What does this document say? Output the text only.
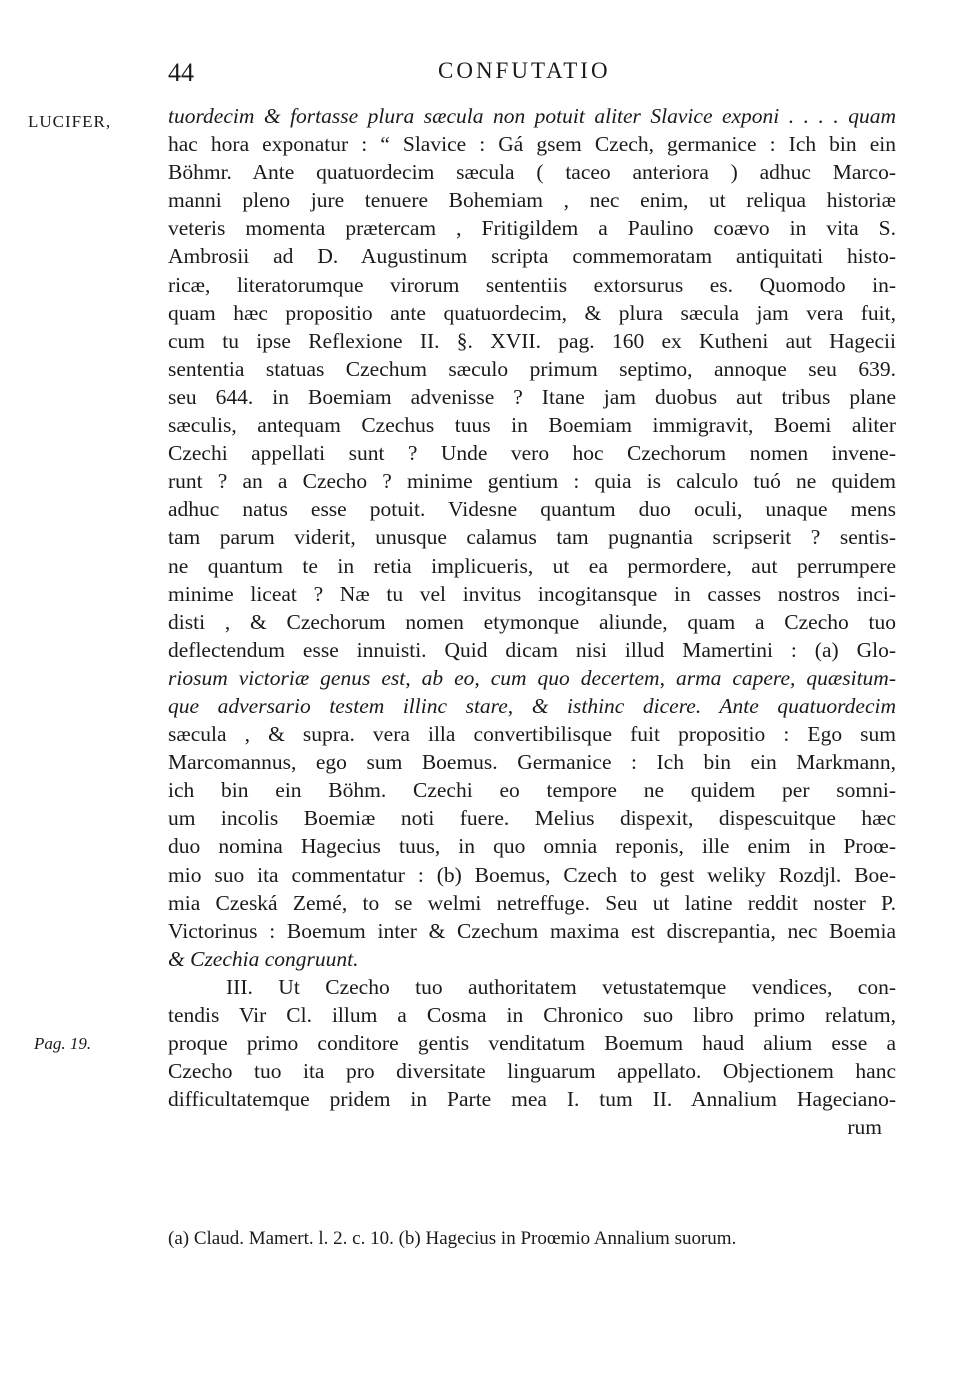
44	CONFUTATIO
LUCIFER,
Pag. 19.
tuordecim & fortasse plura sæcula non potuit aliter Slavice exponi . . . . quam
hac hora exponatur : “ Slavice : Gá gsem Czech, germanice : Ich bin ein
Böhmr. Ante quatuordecim sæcula ( taceo anteriora ) adhuc Marco-
manni pleno jure tenuere Bohemiam , nec enim, ut reliqua historiæ
veteris momenta prætercam , Fritigildem a Paulino coævo in vita S.
Ambrosii ad D. Augustinum scripta commemoratam antiquitati histo-
ricæ, literatorumque virorum sententiis extorsurus es. Quomodo in-
quam hæc propositio ante quatuordecim, & plura sæcula jam vera fuit,
cum tu ipse Reflexione II. §. XVII. pag. 160 ex Kutheni aut Hagecii
sententia statuas Czechum sæculo primum septimo, annoque seu 639.
seu 644. in Boemiam advenisse ? Itane jam duobus aut tribus plane
sæculis, antequam Czechus tuus in Boemiam immigravit, Boemi aliter
Czechi appellati sunt ? Unde vero hoc Czechorum nomen invene-
runt ? an a Czecho ? minime gentium : quia is calculo tuó ne quidem
adhuc natus esse potuit. Videsne quantum duo oculi, unaque mens
tam parum viderit, unusque calamus tam pugnantia scripserit ? sentis-
ne quantum te in retia implicueris, ut ea permordere, aut perrumpere
minime liceat ? Næ tu vel invitus incogitansque in casses nostros inci-
disti , & Czechorum nomen etymonque aliunde, quam a Czecho tuo
deflectendum esse innuisti. Quid dicam nisi illud Mamertini : (a) Glo-
riosum victoriæ genus est, ab eo, cum quo decertem, arma capere, quæsitum-
que adversario testem illinc stare, & isthinc dicere. Ante quatuordecim
sæcula , & supra. vera illa convertibilisque fuit propositio : Ego sum
Marcomannus, ego sum Boemus. Germanice : Ich bin ein Markmann,
ich bin ein Böhm. Czechi eo tempore ne quidem per somni-
um incolis Boemiæ noti fuere. Melius dispexit, dispescuitque hæc
duo nomina Hagecius tuus, in quo omnia reponis, ille enim in Proœ-
mio suo ita commentatur : (b) Boemus, Czech to gest weliky Rozdjl. Boe-
mia Czeská Zemé, to se welmi netreffuge. Seu ut latine reddit noster P.
Victorinus : Boemum inter & Czechum maxima est discrepantia, nec Boemia
& Czechia congruunt.
III. Ut Czecho tuo authoritatem vetustatemque vendices, con-
tendis Vir Cl. illum a Cosma in Chronico suo libro primo relatum,
proque primo conditore gentis venditatum Boemum haud alium esse a
Czecho tuo ita pro diversitate linguarum appellato. Objectionem hanc
difficultatemque pridem in Parte mea I. tum II. Annalium Hageciano-
rum
(a) Claud. Mamert. l. 2. c. 10. (b) Hagecius in Proœmio Annalium suorum.
